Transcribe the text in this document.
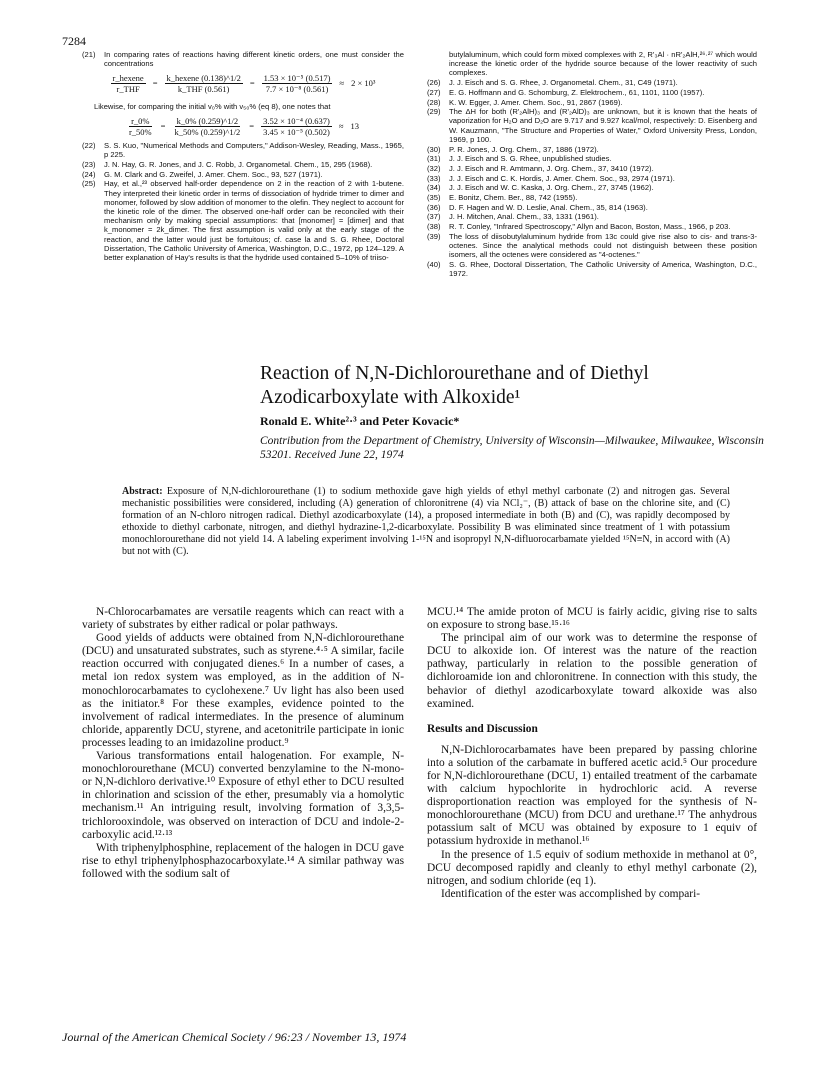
7284
(21) In comparing rates of reactions having different kinetic orders, one must consider the concentrations
$\frac{\text{r\_hexene}}{\text{r\_THF}} = \frac{\text{k\_hexene (0.138)\textasciicircum{}1/2}}{\text{k\_THF (0.561)}} = \frac{\text{1.53 × 10⁻⁵ (0.517)}}{\text{7.7 × 10⁻⁸ (0.561)}} \approx 2 \times 10^3$
Likewise, for comparing the initial v₀% with v₅₀% (eq 8), one notes that
$\frac{r\_0\%}{r\_50\%} = \frac{k\_0\% (0.259)\^{}1/2}{k\_50\% (0.259)\^{}1/2} = \frac{\text{3.52 × 10⁻⁴ (0.637)}}{\text{3.45 × 10⁻⁵ (0.502)}} \approx 13$
(22) S. S. Kuo, "Numerical Methods and Computers," Addison-Wesley, Reading, Mass., 1965, p 225.
(23) J. N. Hay, G. R. Jones, and J. C. Robb, J. Organometal. Chem., 15, 295 (1968).
(24) G. M. Clark and G. Zweifel, J. Amer. Chem. Soc., 93, 527 (1971).
(25) Hay, et al.,²³ observed half-order dependence on 2 in the reaction of 2 with 1-butene. They interpreted their kinetic order in terms of dissociation of hydride trimer to dimer and monomer, followed by slow addition of monomer to the olefin. They neglect to account for the kinetic role of the dimer. The observed one-half order can be reconciled with their mechanism only by making special assumptions: that [monomer] = [dimer] and that k_monomer = 2k_dimer. The first assumption is valid only at the early stage of the reaction, and the latter would just be fortuitous; cf. case la and S. G. Rhee, Doctoral Dissertation, The Catholic University of America, Washington, D.C., 1972, pp 124–129. A better explanation of Hay's results is that the hydride used contained 5–10% of triiso-
butylaluminum, which could form mixed complexes with 2, R'₃Al · nR'₂AlH,²⁶·²⁷ which would increase the kinetic order of the hydride source because of the lower reactivity of such complexes.
(26) J. J. Eisch and S. G. Rhee, J. Organometal. Chem., 31, C49 (1971).
(27) E. G. Hoffmann and G. Schomburg, Z. Elektrochem., 61, 1101, 1100 (1957).
(28) K. W. Egger, J. Amer. Chem. Soc., 91, 2867 (1969).
(29) The ΔH for both (R'₂AlH)₃ and (R'₂AlD)₃ are unknown, but it is known that the heats of vaporization for H₂O and D₂O are 9.717 and 9.927 kcal/mol, respectively: D. Eisenberg and W. Kauzmann, "The Structure and Properties of Water," Oxford University Press, London, 1969, p 100.
(30) P. R. Jones, J. Org. Chem., 37, 1886 (1972).
(31) J. J. Eisch and S. G. Rhee, unpublished studies.
(32) J. J. Eisch and R. Amtmann, J. Org. Chem., 37, 3410 (1972).
(33) J. J. Eisch and C. K. Hordis, J. Amer. Chem. Soc., 93, 2974 (1971).
(34) J. J. Eisch and W. C. Kaska, J. Org. Chem., 27, 3745 (1962).
(35) E. Bonitz, Chem. Ber., 88, 742 (1955).
(36) D. F. Hagen and W. D. Leslie, Anal. Chem., 35, 814 (1963).
(37) J. H. Mitchen, Anal. Chem., 33, 1331 (1961).
(38) R. T. Conley, "Infrared Spectroscopy," Allyn and Bacon, Boston, Mass., 1966, p 203.
(39) The loss of diisobutylaluminum hydride from 13c could give rise also to cis- and trans-3-octenes. Since the analytical methods could not distinguish between these position isomers, all the octenes were considered as "4-octenes."
(40) S. G. Rhee, Doctoral Dissertation, The Catholic University of America, Washington, D.C., 1972.
Reaction of N,N-Dichlorourethane and of Diethyl Azodicarboxylate with Alkoxide¹
Ronald E. White²·³ and Peter Kovacic*
Contribution from the Department of Chemistry, University of Wisconsin—Milwaukee, Milwaukee, Wisconsin 53201. Received June 22, 1974
Abstract: Exposure of N,N-dichlorourethane (1) to sodium methoxide gave high yields of ethyl methyl carbonate (2) and nitrogen gas. Several mechanistic possibilities were considered, including (A) generation of chloronitrene (4) via NCl₂⁻, (B) attack of base on the chlorine site, and (C) formation of an N-chloro nitrogen radical. Diethyl azodicarboxylate (14), a proposed intermediate in both (B) and (C), was rapidly decomposed by ethoxide to diethyl carbonate, nitrogen, and diethyl hydrazine-1,2-dicarboxylate. Possibility B was eliminated since treatment of 1 with potassium monochlorourethane did not yield 14. A labeling experiment involving 1-¹⁵N and isopropyl N,N-difluorocarbamate yielded ¹⁵N≡N, in accord with (A) but not with (C).

N-Chlorocarbamates are versatile reagents which can react with a variety of substrates by either radical or polar pathways.

Good yields of adducts were obtained from N,N-dichlorourethane (DCU) and unsaturated substrates, such as styrene.⁴·⁵ A similar, facile reaction occurred with conjugated dienes.⁶ In a number of cases, a metal ion redox system was employed, as in the addition of N-monochlorocarbamates to cyclohexene.⁷ Uv light has also been used as the initiator.⁸ For these examples, evidence pointed to the involvement of radical intermediates. In the presence of aluminum chloride, apparently DCU, styrene, and acetonitrile participate in ionic processes leading to an imidazoline product.⁹

Various transformations entail halogenation. For example, N-monochlorourethane (MCU) converted benzylamine to the N-mono- or N,N-dichloro derivative.¹⁰ Exposure of ethyl ether to DCU resulted in chlorination and scission of the ether, presumably via a homolytic mechanism.¹¹ An intriguing result, involving formation of 3,3,5-trichlorooxindole, was observed on interaction of DCU and indole-2-carboxylic acid.¹²·¹³

With triphenylphosphine, replacement of the halogen in DCU gave rise to ethyl triphenylphosphazocarboxylate.¹⁴ A similar pathway was followed with the sodium salt of

MCU.¹⁴ The amide proton of MCU is fairly acidic, giving rise to salts on exposure to strong base.¹⁵·¹⁶

The principal aim of our work was to determine the response of DCU to alkoxide ion. Of interest was the nature of the reaction pathway, particularly in relation to the possible generation of dichloroamide ion and chloronitrene. In connection with this study, the behavior of diethyl azodicarboxylate toward alkoxide was also examined.

Results and Discussion

N,N-Dichlorocarbamates have been prepared by passing chlorine into a solution of the carbamate in buffered acetic acid.⁵ Our procedure for N,N-dichlorourethane (DCU, 1) entailed treatment of the carbamate with calcium hypochlorite in hydrochloric acid. A reverse disproportionation reaction was employed for the synthesis of N-monochlorourethane (MCU) from DCU and urethane.¹⁷ The anhydrous potassium salt of MCU was obtained by exposure to 1 equiv of potassium hydroxide in methanol.¹⁶

In the presence of 1.5 equiv of sodium methoxide in methanol at 0°, DCU decomposed rapidly and cleanly to ethyl methyl carbonate (2), nitrogen, and sodium chloride (eq 1).

Identification of the ester was accomplished by compari-

Journal of the American Chemical Society / 96:23 / November 13, 1974
